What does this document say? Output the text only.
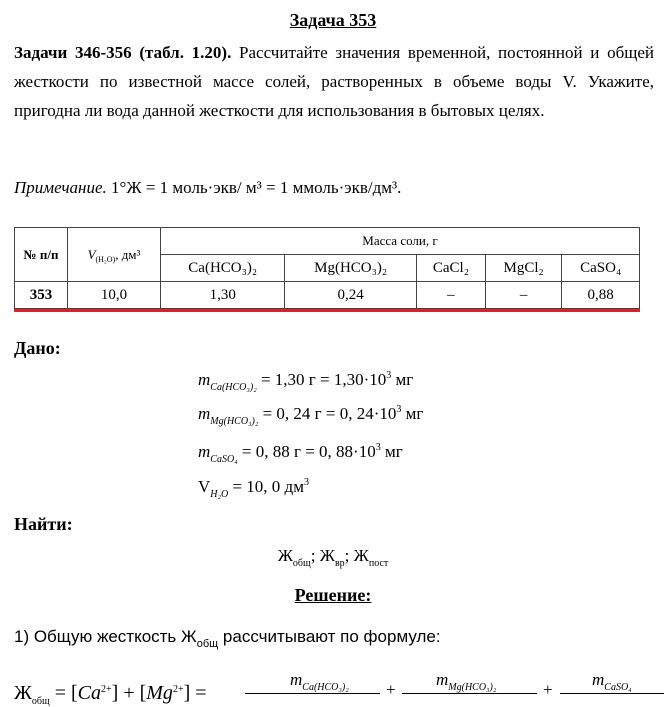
Задача 353
Задачи 346-356 (табл. 1.20). Рассчитайте значения временной, постоянной и общей жесткости по известной массе солей, растворенных в объеме воды V. Укажите, пригодна ли вода данной жесткости для использования в бытовых целях.
Примечание. 1°Ж = 1 моль·экв/ м³ = 1 ммоль·экв/дм³.
№ п/п	$V_{(H_2O)}$, дм³	Масса соли, г				
		Ca(HCO₃)₂	Mg(HCO₃)₂	CaCl₂	MgCl₂	CaSO₄
353	10,0	1,30	0,24	–	–	0,88
Дано:
$m_{Ca(HCO_3)_2} = 1,30$ $г = 1,30\cdot 10^3$ мг
$m_{Mg(HCO_3)_2} = 0$, 24 г = 0, $24\cdot 10^3$ мг
$m_{CaSO_4} = 0$, 88 г = 0, $88\cdot 10^3$ мг
$V_{H_2O} = 10$, 0 $дм^3$
Найти:
$Ж_{общ}$; $Ж_{вр}$; $Ж_{пост}$
Решение:
1) Общую жесткость $Ж_{общ}$ рассчитывают по формуле:
$Ж_{общ} = [Ca^{2+}] + [Mg^{2+}]$ =
$m_{Ca(HCO_3)_2}$ +
$m_{Mg(HCO_3)_2}$	+
$m_{CaSO_4}$
